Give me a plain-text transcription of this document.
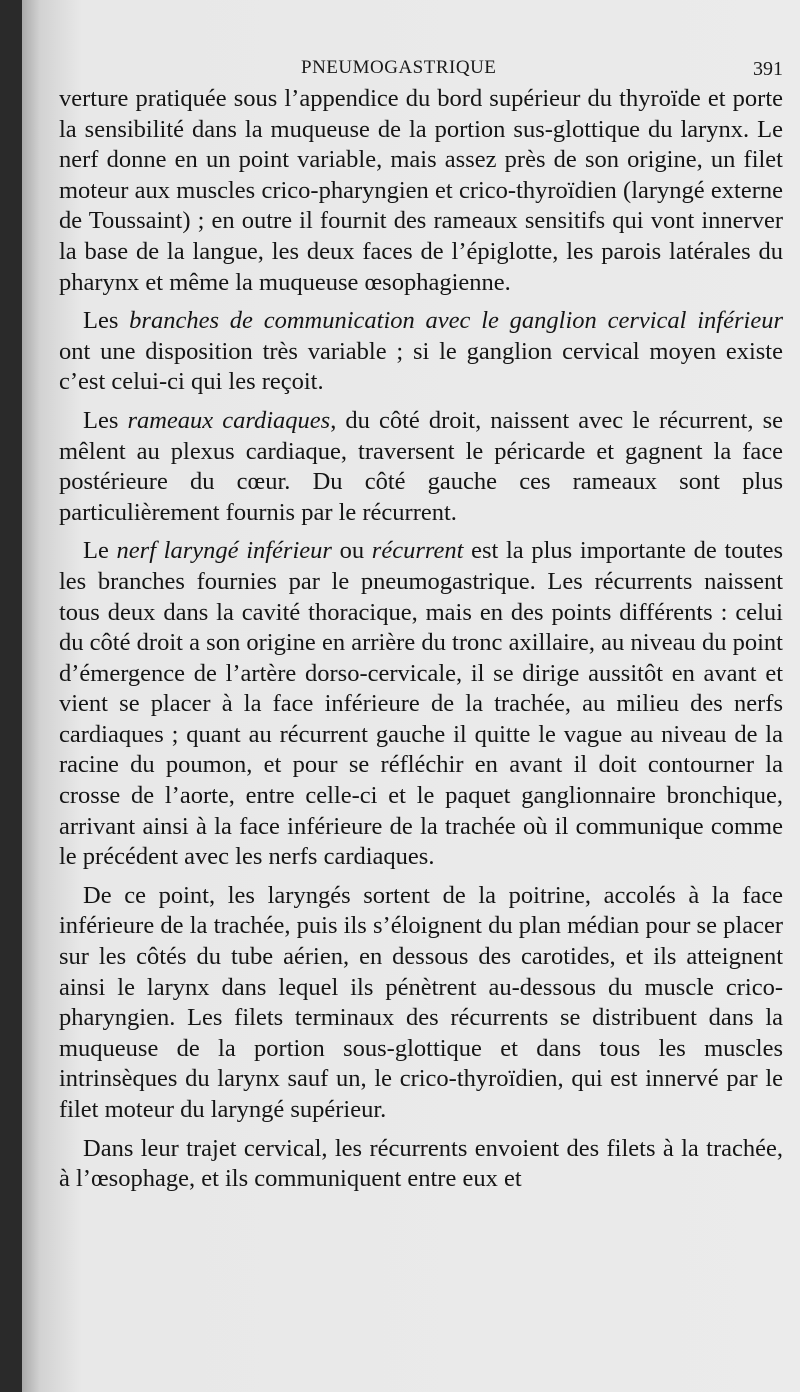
PNEUMOGASTRIQUE	391

verture pratiquée sous l’appendice du bord supérieur du thyroïde et porte la sensibilité dans la muqueuse de la portion sus-glottique du larynx. Le nerf donne en un point variable, mais assez près de son origine, un filet moteur aux muscles crico-pharyngien et crico-thyroïdien (laryngé externe de Toussaint) ; en outre il fournit des rameaux sensitifs qui vont innerver la base de la langue, les deux faces de l’épiglotte, les parois latérales du pharynx et même la muqueuse œsophagienne.

Les branches de communication avec le ganglion cervical inférieur ont une disposition très variable ; si le ganglion cervical moyen existe c’est celui-ci qui les reçoit.

Les rameaux cardiaques, du côté droit, naissent avec le récurrent, se mêlent au plexus cardiaque, traversent le péricarde et gagnent la face postérieure du cœur. Du côté gauche ces rameaux sont plus particulièrement fournis par le récurrent.

Le nerf laryngé inférieur ou récurrent est la plus importante de toutes les branches fournies par le pneumogastrique. Les récurrents naissent tous deux dans la cavité thoracique, mais en des points différents : celui du côté droit a son origine en arrière du tronc axillaire, au niveau du point d’émergence de l’artère dorso-cervicale, il se dirige aussitôt en avant et vient se placer à la face inférieure de la trachée, au milieu des nerfs cardiaques ; quant au récurrent gauche il quitte le vague au niveau de la racine du poumon, et pour se réfléchir en avant il doit contourner la crosse de l’aorte, entre celle-ci et le paquet ganglionnaire bronchique, arrivant ainsi à la face inférieure de la trachée où il communique comme le précédent avec les nerfs cardiaques.

De ce point, les laryngés sortent de la poitrine, accolés à la face inférieure de la trachée, puis ils s’éloignent du plan médian pour se placer sur les côtés du tube aérien, en dessous des carotides, et ils atteignent ainsi le larynx dans lequel ils pénètrent au-dessous du muscle crico-pharyngien. Les filets terminaux des récurrents se distribuent dans la muqueuse de la portion sous-glottique et dans tous les muscles intrinsèques du larynx sauf un, le crico-thyroïdien, qui est innervé par le filet moteur du laryngé supérieur.

Dans leur trajet cervical, les récurrents envoient des filets à la trachée, à l’œsophage, et ils communiquent entre eux et
